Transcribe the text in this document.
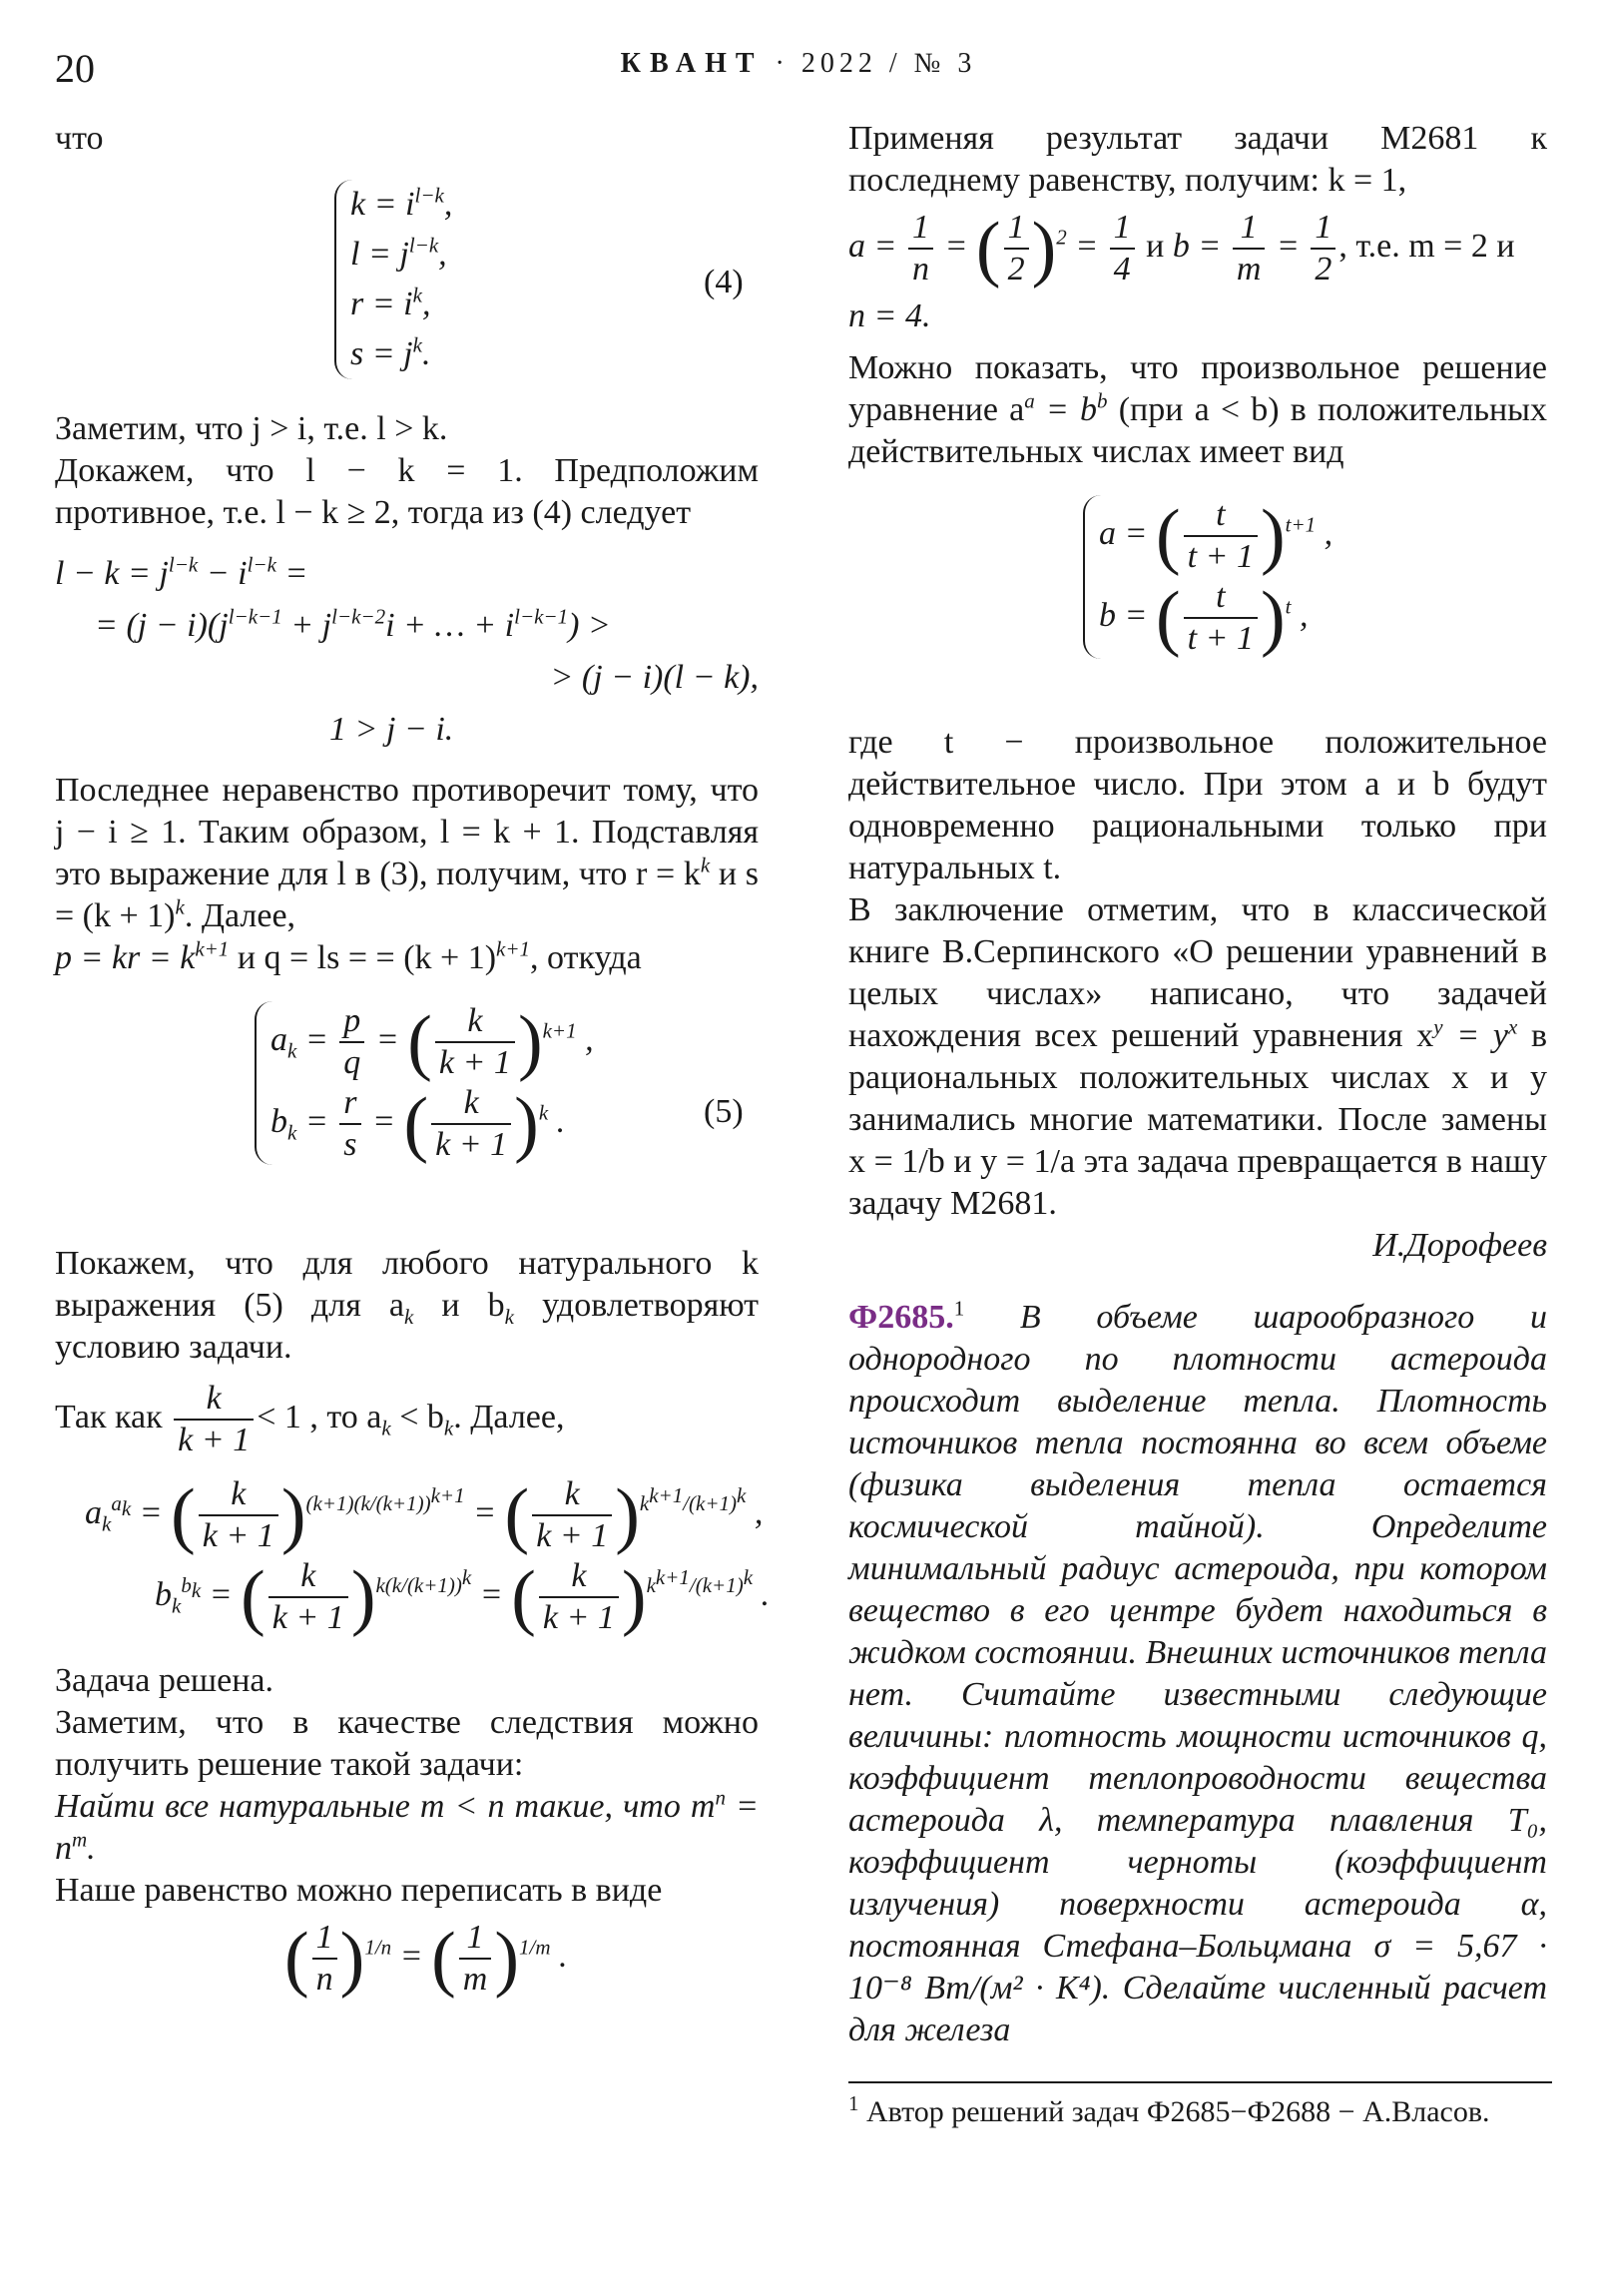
20	КВАНТ · 2022 / № 3

что

$k = i^{l-k}$,
$l = j^{l-k}$,
$r = i^k$,
$s = j^k$.
(4)

Заметим, что j > i, т.е. l > k.

Докажем, что l − k = 1. Предположим противное, т.е. l − k ≥ 2, тогда из (4) следует

$l - k = j^{l-k} - i^{l-k}$ =
= $(j - i)(j^{l-k-1} + j^{l-k-2}i$ + … + $i^{l-k-1}$) >
> (j − i)(l − k),
1 > j − i.

Последнее неравенство противоречит тому, что j − i ≥ 1. Таким образом, l = k + 1. Подставляя это выражение для l в (3), получим, что $r = k^k$ и $s = (k + 1)^k$. Далее,

p = kr = $k^{k+1}$ и q = ls = = $(k + 1)^{k+1}$, откуда

$a_k = \frac{p}{q}$ = ( $\frac{k}{k + 1} )^{k+1}$ ,
$b_k = \frac{r}{s}$ = ( $\frac{k}{k + 1} )^k$ .	(5)

Покажем, что для любого натурального k выражения (5) для $a_k$ и $b_k$ удовлетворяют условию задачи.

Так как $\frac{k}{k + 1} < 1$ , то $a_k < b_k$. Далее,

$a_k^{a_k}$ = ( $\frac{k}{k + 1} )^{(k+1)(k/(k+1))^{k+1}}$ = ( $\frac{k}{k + 1} )^{k^{k+1}/(k+1)^k}$ ,
$b_k^{b_k}$ = ( $\frac{k}{k + 1} )^{k(k/(k+1))^k}$ = ( $\frac{k}{k + 1} )^{k^{k+1}/(k+1)^k}$ .

Задача решена.

Заметим, что в качестве следствия можно получить решение такой задачи:

Найти все натуральные m < n такие, что $m^n = n^m$.

Наше равенство можно переписать в виде

( $\frac{1}{n} )^{1/n}$ = ( $\frac{1}{m} )^{1/m}$ .

Применяя результат задачи М2681 к последнему равенству, получим: k = 1,

$a = \frac{1}{n}$ = ( $\frac{1}{2} )^2 = \frac{1}{4}$ и $b = \frac{1}{m} = \frac{1}{2}$ , т.е. m = 2 и

n = 4.

Можно показать, что произвольное решение уравнение $a^a = b^b$ (при a < b) в положительных действительных числах имеет вид

a = ( $\frac{t}{t + 1} )^{t+1}$ ,
b = ( $\frac{t}{t + 1} )^t$ ,

где t − произвольное положительное действительное число. При этом a и b будут одновременно рациональными только при натуральных t.

В заключение отметим, что в классической книге В.Серпинского «О решении уравнений в целых числах» написано, что задачей нахождения всех решений уравнения $x^y = y^x$ в рациональных положительных числах x и y занимались многие математики. После замены x = 1/b и y = 1/a эта задача превращается в нашу задачу М2681.

И.Дорофеев

Ф2685.$^1$ В объеме шарообразного и однородного по плотности астероида происходит выделение тепла. Плотность источников тепла постоянна во всем объеме (физика выделения тепла остается космической тайной). Определите минимальный радиус астероида, при котором вещество в его центре будет находиться в жидком состоянии. Внешних источников тепла нет. Считайте известными следующие величины: плотность мощности источников q, коэффициент теплопроводности вещества астероида λ, температура плавления T₀, коэффициент черноты (коэффициент излучения) поверхности астероида α, постоянная Стефана–Больцмана σ = 5,67 · 10⁻⁸ Вт/(м² · К⁴). Сделайте численный расчет для железа

$^1$ Автор решений задач Ф2685−Ф2688 − А.Власов.
